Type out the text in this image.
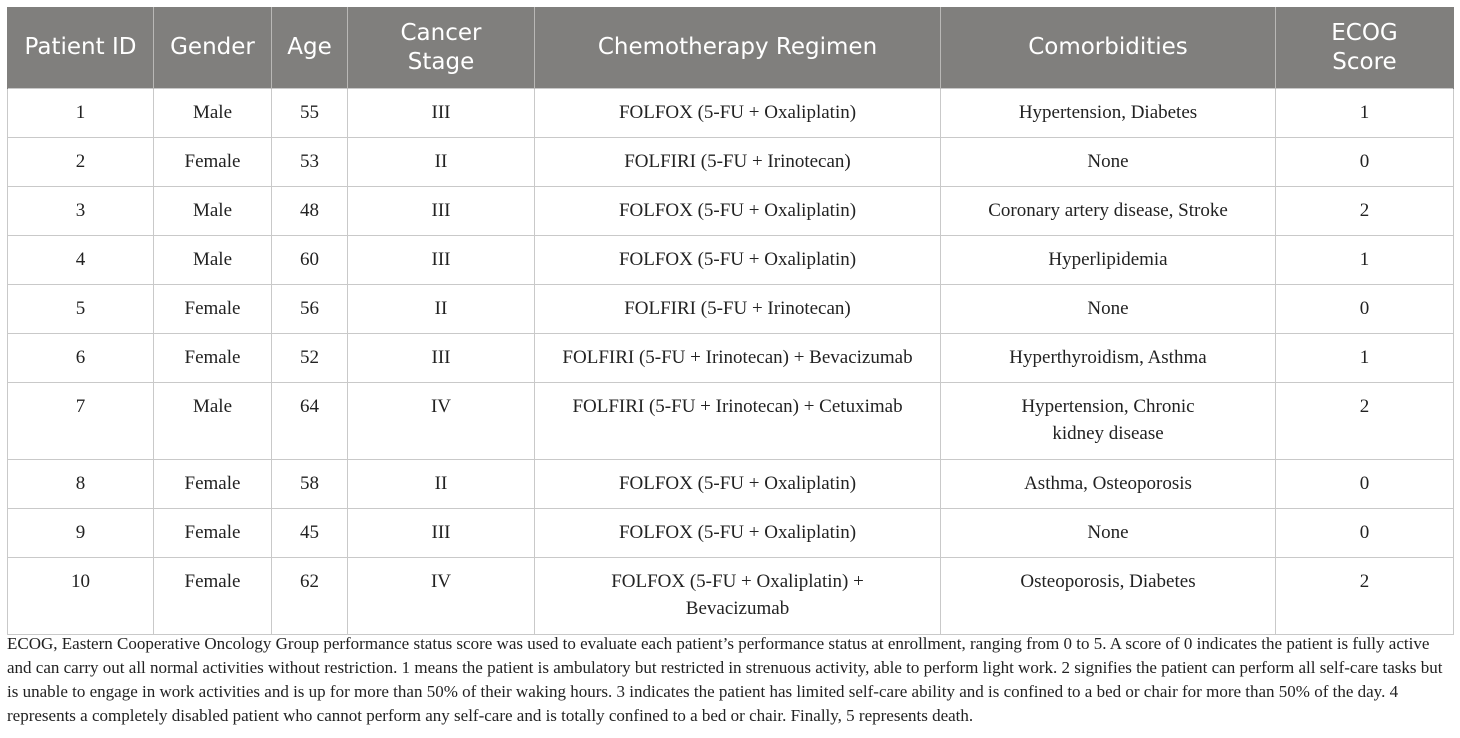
Patient ID	Gender	Age	Cancer Stage	Chemotherapy Regimen	Comorbidities	ECOG Score
1	Male	55	III	FOLFOX (5-FU + Oxaliplatin)	Hypertension, Diabetes	1
2	Female	53	II	FOLFIRI (5-FU + Irinotecan)	None	0
3	Male	48	III	FOLFOX (5-FU + Oxaliplatin)	Coronary artery disease, Stroke	2
4	Male	60	III	FOLFOX (5-FU + Oxaliplatin)	Hyperlipidemia	1
5	Female	56	II	FOLFIRI (5-FU + Irinotecan)	None	0
6	Female	52	III	FOLFIRI (5-FU + Irinotecan) + Bevacizumab	Hyperthyroidism, Asthma	1
7	Male	64	IV	FOLFIRI (5-FU + Irinotecan) + Cetuximab	Hypertension, Chronic kidney disease	2
8	Female	58	II	FOLFOX (5-FU + Oxaliplatin)	Asthma, Osteoporosis	0
9	Female	45	III	FOLFOX (5-FU + Oxaliplatin)	None	0
10	Female	62	IV	FOLFOX (5-FU + Oxaliplatin) + Bevacizumab	Osteoporosis, Diabetes	2

ECOG, Eastern Cooperative Oncology Group performance status score was used to evaluate each patient’s performance status at enrollment, ranging from 0 to 5. A score of 0 indicates the patient is fully active and can carry out all normal activities without restriction. 1 means the patient is ambulatory but restricted in strenuous activity, able to perform light work. 2 signifies the patient can perform all self-care tasks but is unable to engage in work activities and is up for more than 50% of their waking hours. 3 indicates the patient has limited self-care ability and is confined to a bed or chair for more than 50% of the day. 4 represents a completely disabled patient who cannot perform any self-care and is totally confined to a bed or chair. Finally, 5 represents death.
